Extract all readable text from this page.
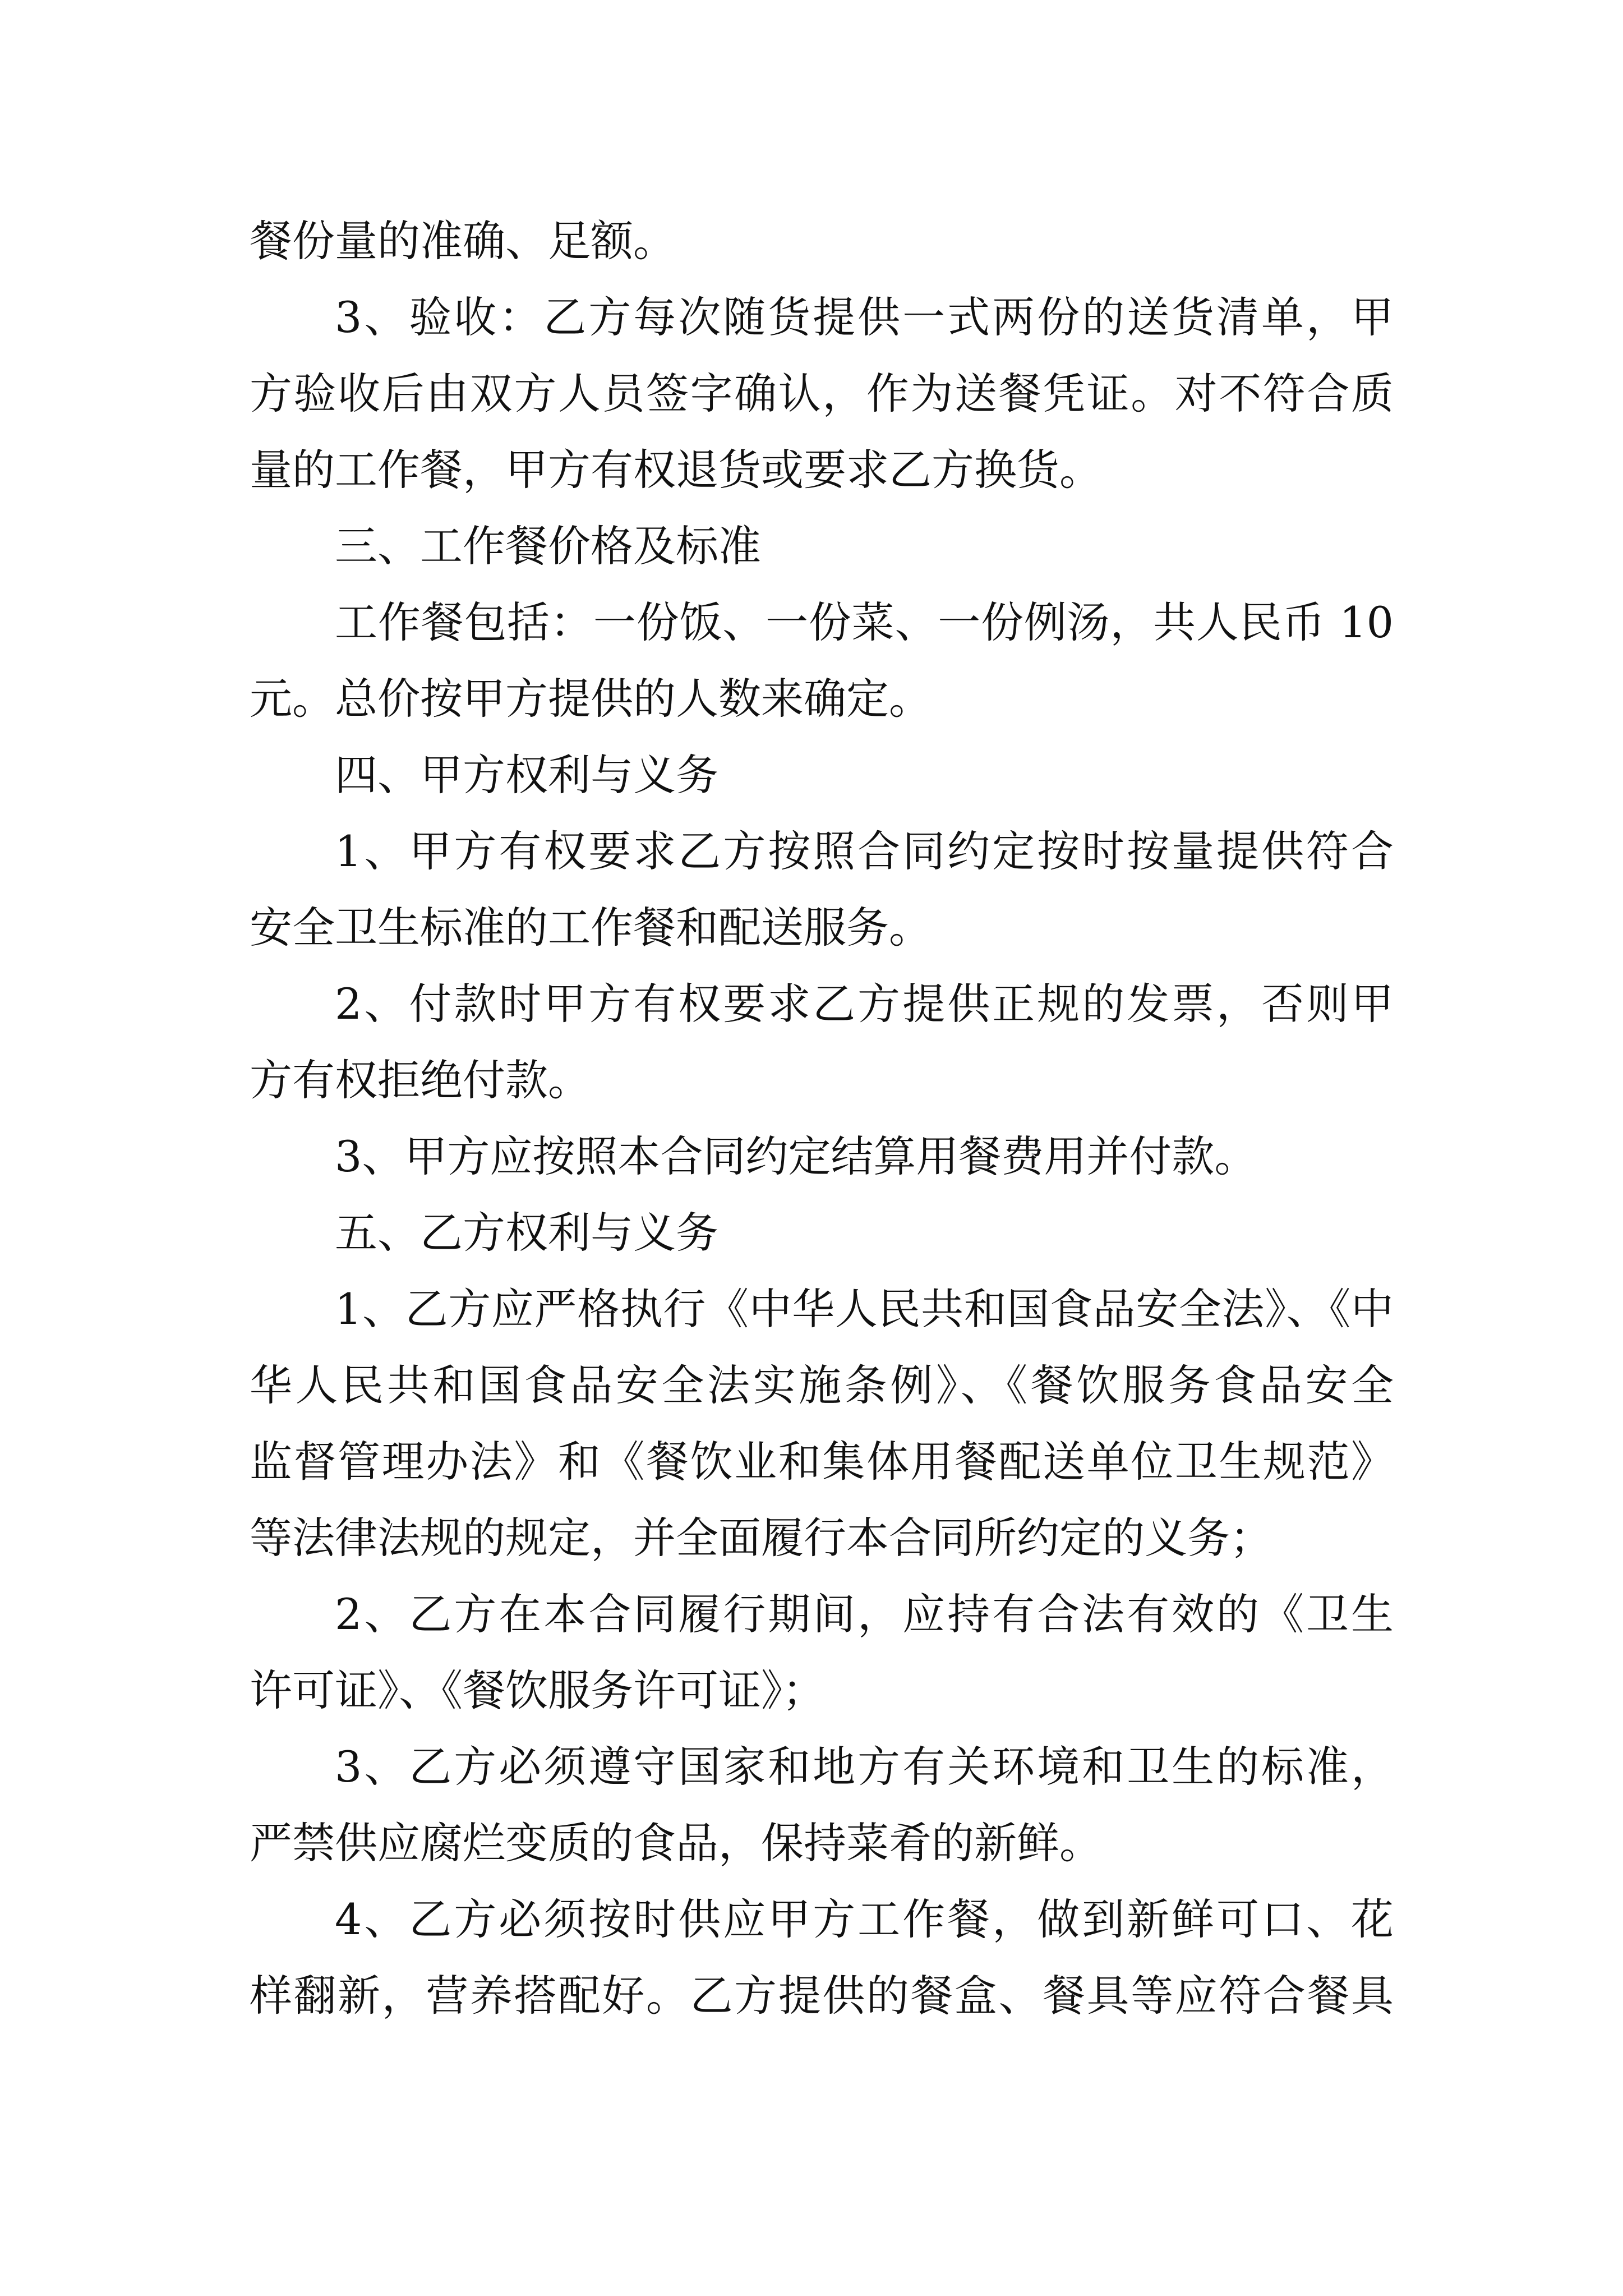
餐份量的准确、足额。
3、验收：乙方每次随货提供一式两份的送货清单，甲
方验收后由双方人员签字确认，作为送餐凭证。对不符合质
量的工作餐，甲方有权退货或要求乙方换货。
三、工作餐价格及标准
工作餐包括：一份饭、一份菜、一份例汤，共人民币 10
元。总价按甲方提供的人数来确定。
四、甲方权利与义务
1、甲方有权要求乙方按照合同约定按时按量提供符合
安全卫生标准的工作餐和配送服务。
2、付款时甲方有权要求乙方提供正规的发票，否则甲
方有权拒绝付款。
3、甲方应按照本合同约定结算用餐费用并付款。
五、乙方权利与义务
1、乙方应严格执行《中华人民共和国食品安全法》、《中
华人民共和国食品安全法实施条例》、《餐饮服务食品安全
监督管理办法》和《餐饮业和集体用餐配送单位卫生规范》
等法律法规的规定，并全面履行本合同所约定的义务；
2、乙方在本合同履行期间，应持有合法有效的《卫生
许可证》、《餐饮服务许可证》；
3、乙方必须遵守国家和地方有关环境和卫生的标准，
严禁供应腐烂变质的食品，保持菜肴的新鲜。
4、乙方必须按时供应甲方工作餐，做到新鲜可口、花
样翻新，营养搭配好。乙方提供的餐盒、餐具等应符合餐具
